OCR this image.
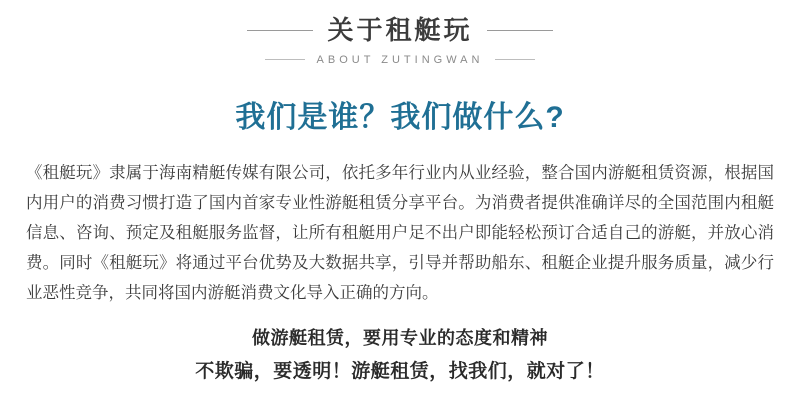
关于租艇玩
ABOUT ZUTINGWAN
我们是谁？我们做什么?
《租艇玩》隶属于海南精艇传媒有限公司，依托多年行业内从业经验，整合国内游艇租赁资源，根据国内用户的消费习惯打造了国内首家专业性游艇租赁分享平台。为消费者提供准确详尽的全国范围内租艇信息、咨询、预定及租艇服务监督，让所有租艇用户足不出户即能轻松预订合适自己的游艇，并放心消费。同时《租艇玩》将通过平台优势及大数据共享，引导并帮助船东、租艇企业提升服务质量，减少行业恶性竞争，共同将国内游艇消费文化导入正确的方向。
做游艇租赁，要用专业的态度和精神
不欺骗，要透明！游艇租赁，找我们，就对了！
